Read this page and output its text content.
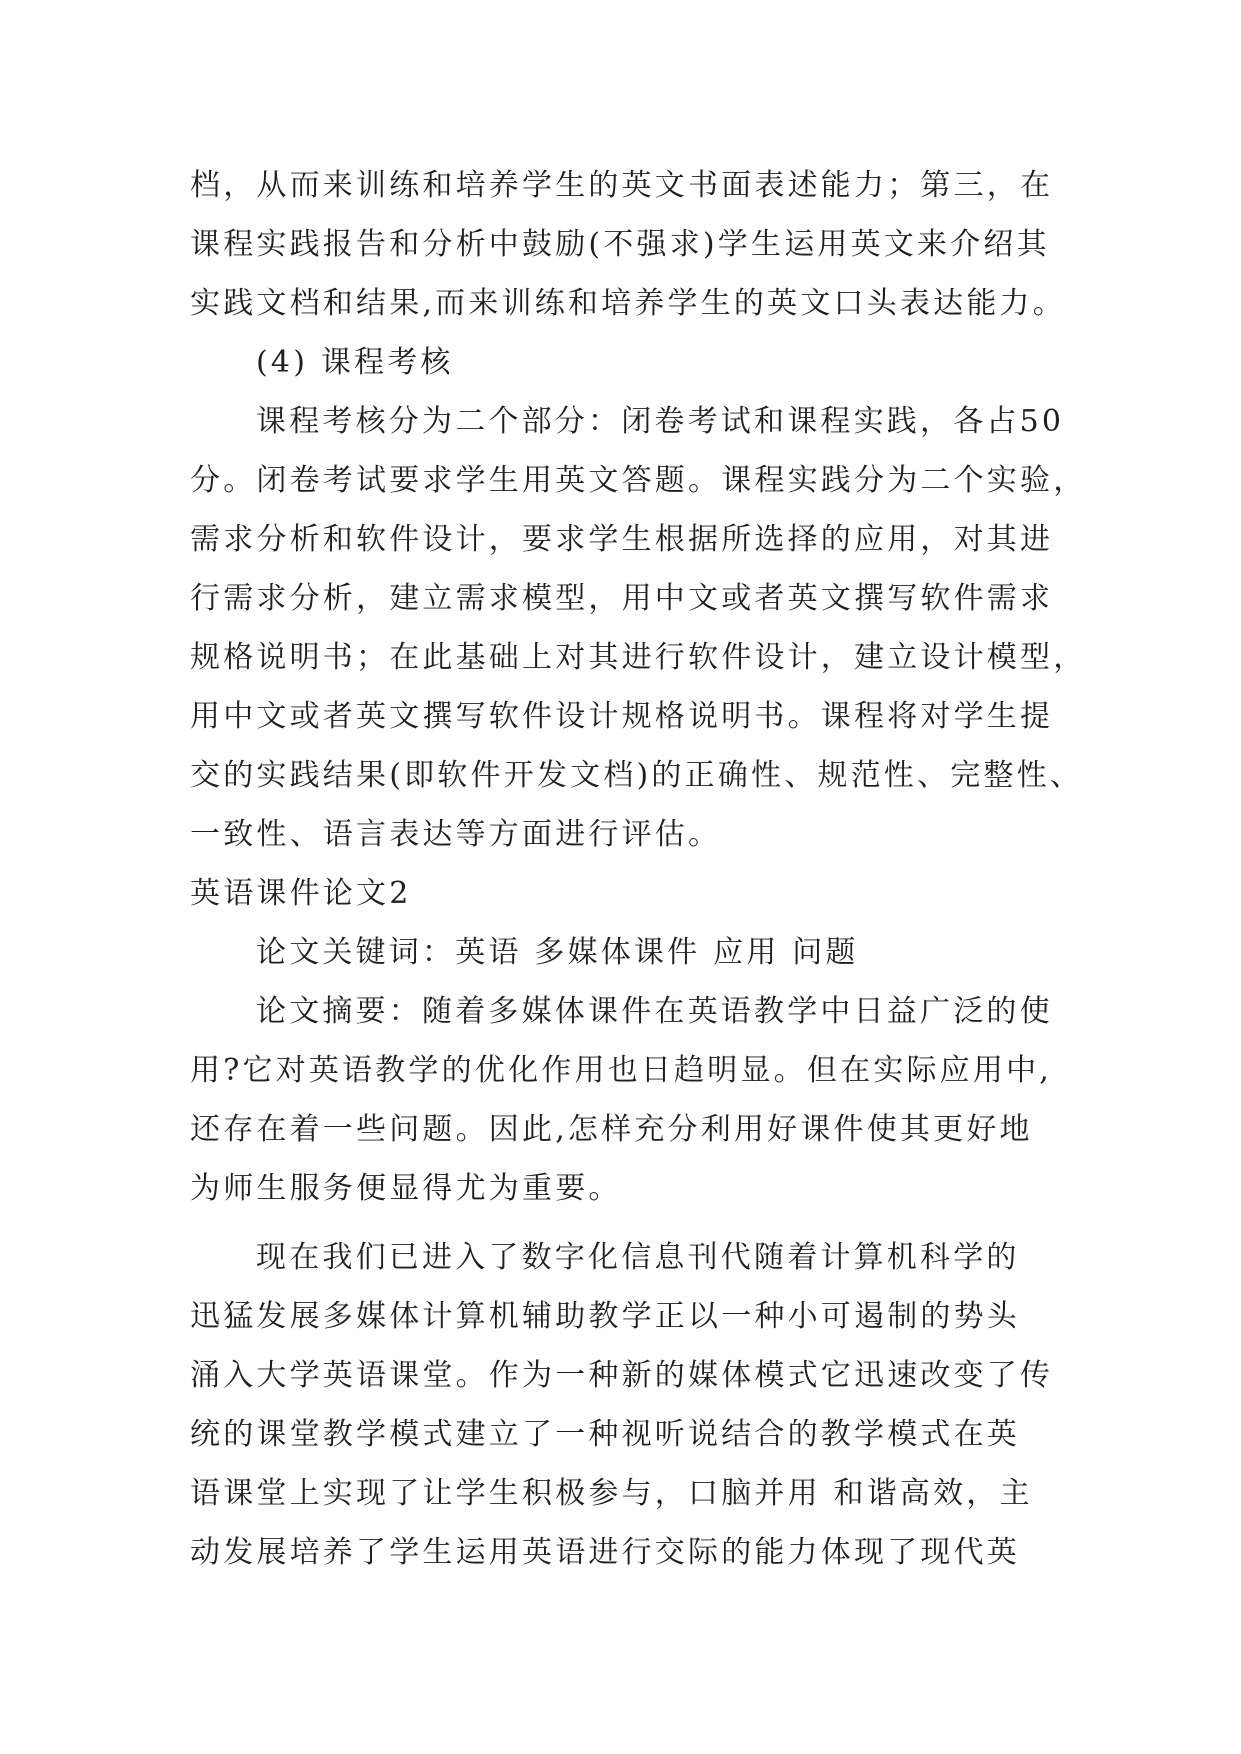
档，从而来训练和培养学生的英文书面表述能力；第三，在
课程实践报告和分析中鼓励(不强求)学生运用英文来介绍其
实践文档和结果,而来训练和培养学生的英文口头表达能力。
(4) 课程考核
课程考核分为二个部分：闭卷考试和课程实践，各占50
分。闭卷考试要求学生用英文答题。课程实践分为二个实验，
需求分析和软件设计，要求学生根据所选择的应用，对其进
行需求分析，建立需求模型，用中文或者英文撰写软件需求
规格说明书；在此基础上对其进行软件设计，建立设计模型，
用中文或者英文撰写软件设计规格说明书。课程将对学生提
交的实践结果(即软件开发文档)的正确性、规范性、完整性、
一致性、语言表达等方面进行评估。
英语课件论文2
论文关键词：英语 多媒体课件 应用 问题
论文摘要：随着多媒体课件在英语教学中日益广泛的使
用?它对英语教学的优化作用也日趋明显。但在实际应用中,
还存在着一些问题。因此,怎样充分利用好课件使其更好地
为师生服务便显得尤为重要。
现在我们已进入了数字化信息刊代随着计算机科学的
迅猛发展多媒体计算机辅助教学正以一种小可遏制的势头
涌入大学英语课堂。作为一种新的媒体模式它迅速改变了传
统的课堂教学模式建立了一种视听说结合的教学模式在英
语课堂上实现了让学生积极参与，口脑并用 和谐高效，主
动发展培养了学生运用英语进行交际的能力体现了现代英
